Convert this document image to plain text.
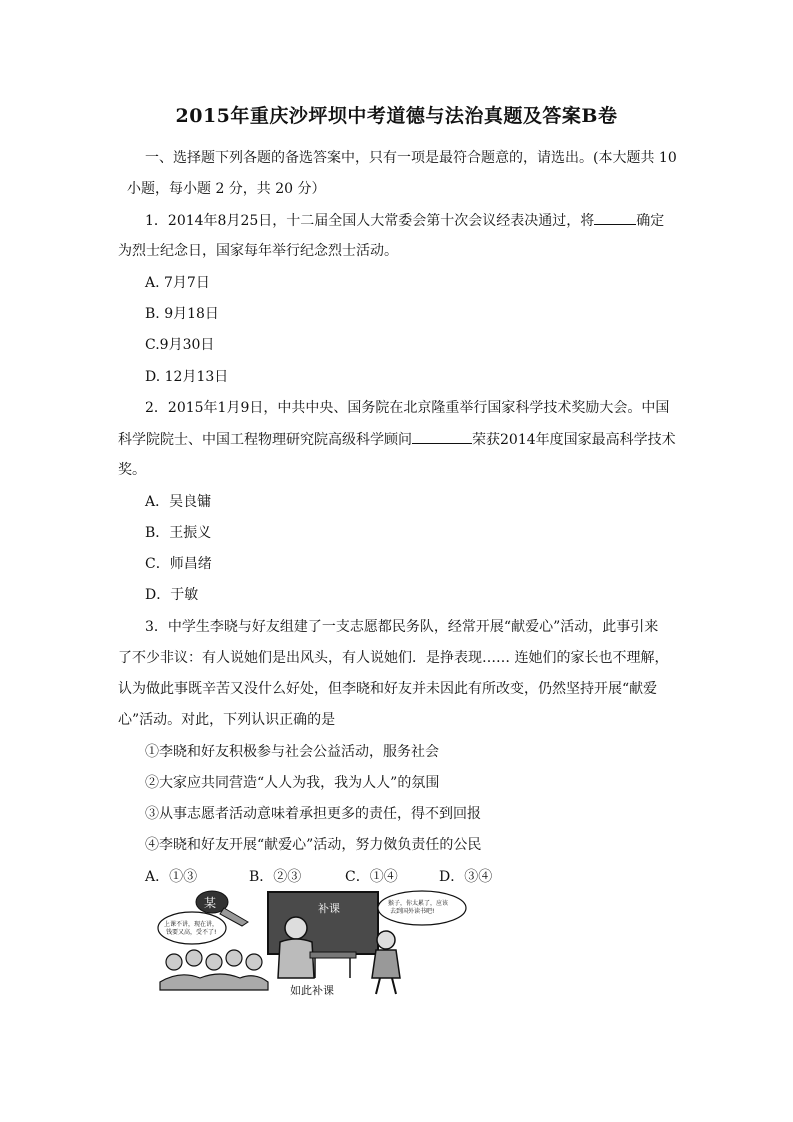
2015年重庆沙坪坝中考道德与法治真题及答案B卷
一、选择题下列各题的备选答案中，只有一项是最符合题意的，请选出。(本大题共 10
小题，每小题 2 分，共 20 分）
1．2014年8月25日，十二届全国人大常委会第十次会议经表决通过，将	确定
为烈士纪念日，国家每年举行纪念烈士活动。
A. 7月7日
B. 9月18日
C.9月30日
D. 12月13日
2．2015年1月9日，中共中央、国务院在北京隆重举行国家科学技术奖励大会。中国
科学院院士、中国工程物理研究院高级科学顾问	荣获2014年度国家最高科学技术
奖。
A．吴良镛
B．王振义
C．师昌绪
D．于敏
3．中学生李晓与好友组建了一支志愿都民务队，经常开展“献爱心”活动，此事引来
了不少非议：有人说她们是出风头，有人说她们．是挣表现…… 连她们的家长也不理解，
认为做此事既辛苦又没什么好处，但李晓和好友并未因此有所改变，仍然坚持开展“献爱
心”活动。对此，下列认识正确的是
①李晓和好友积极参与社会公益活动，服务社会
②大家应共同营造“人人为我，我为人人”的氛围
③从事志愿者活动意味着承担更多的责任，得不到回报
④李晓和好友开展“献爱心”活动，努力傚负责任的公民
A．①③	B．②③	C．①④	D．③④
补课
某
上课不讲，现在讲， 钱要又高，受不了!
猴子，你太累了，应该 去到国外读书吧!
如此补课
